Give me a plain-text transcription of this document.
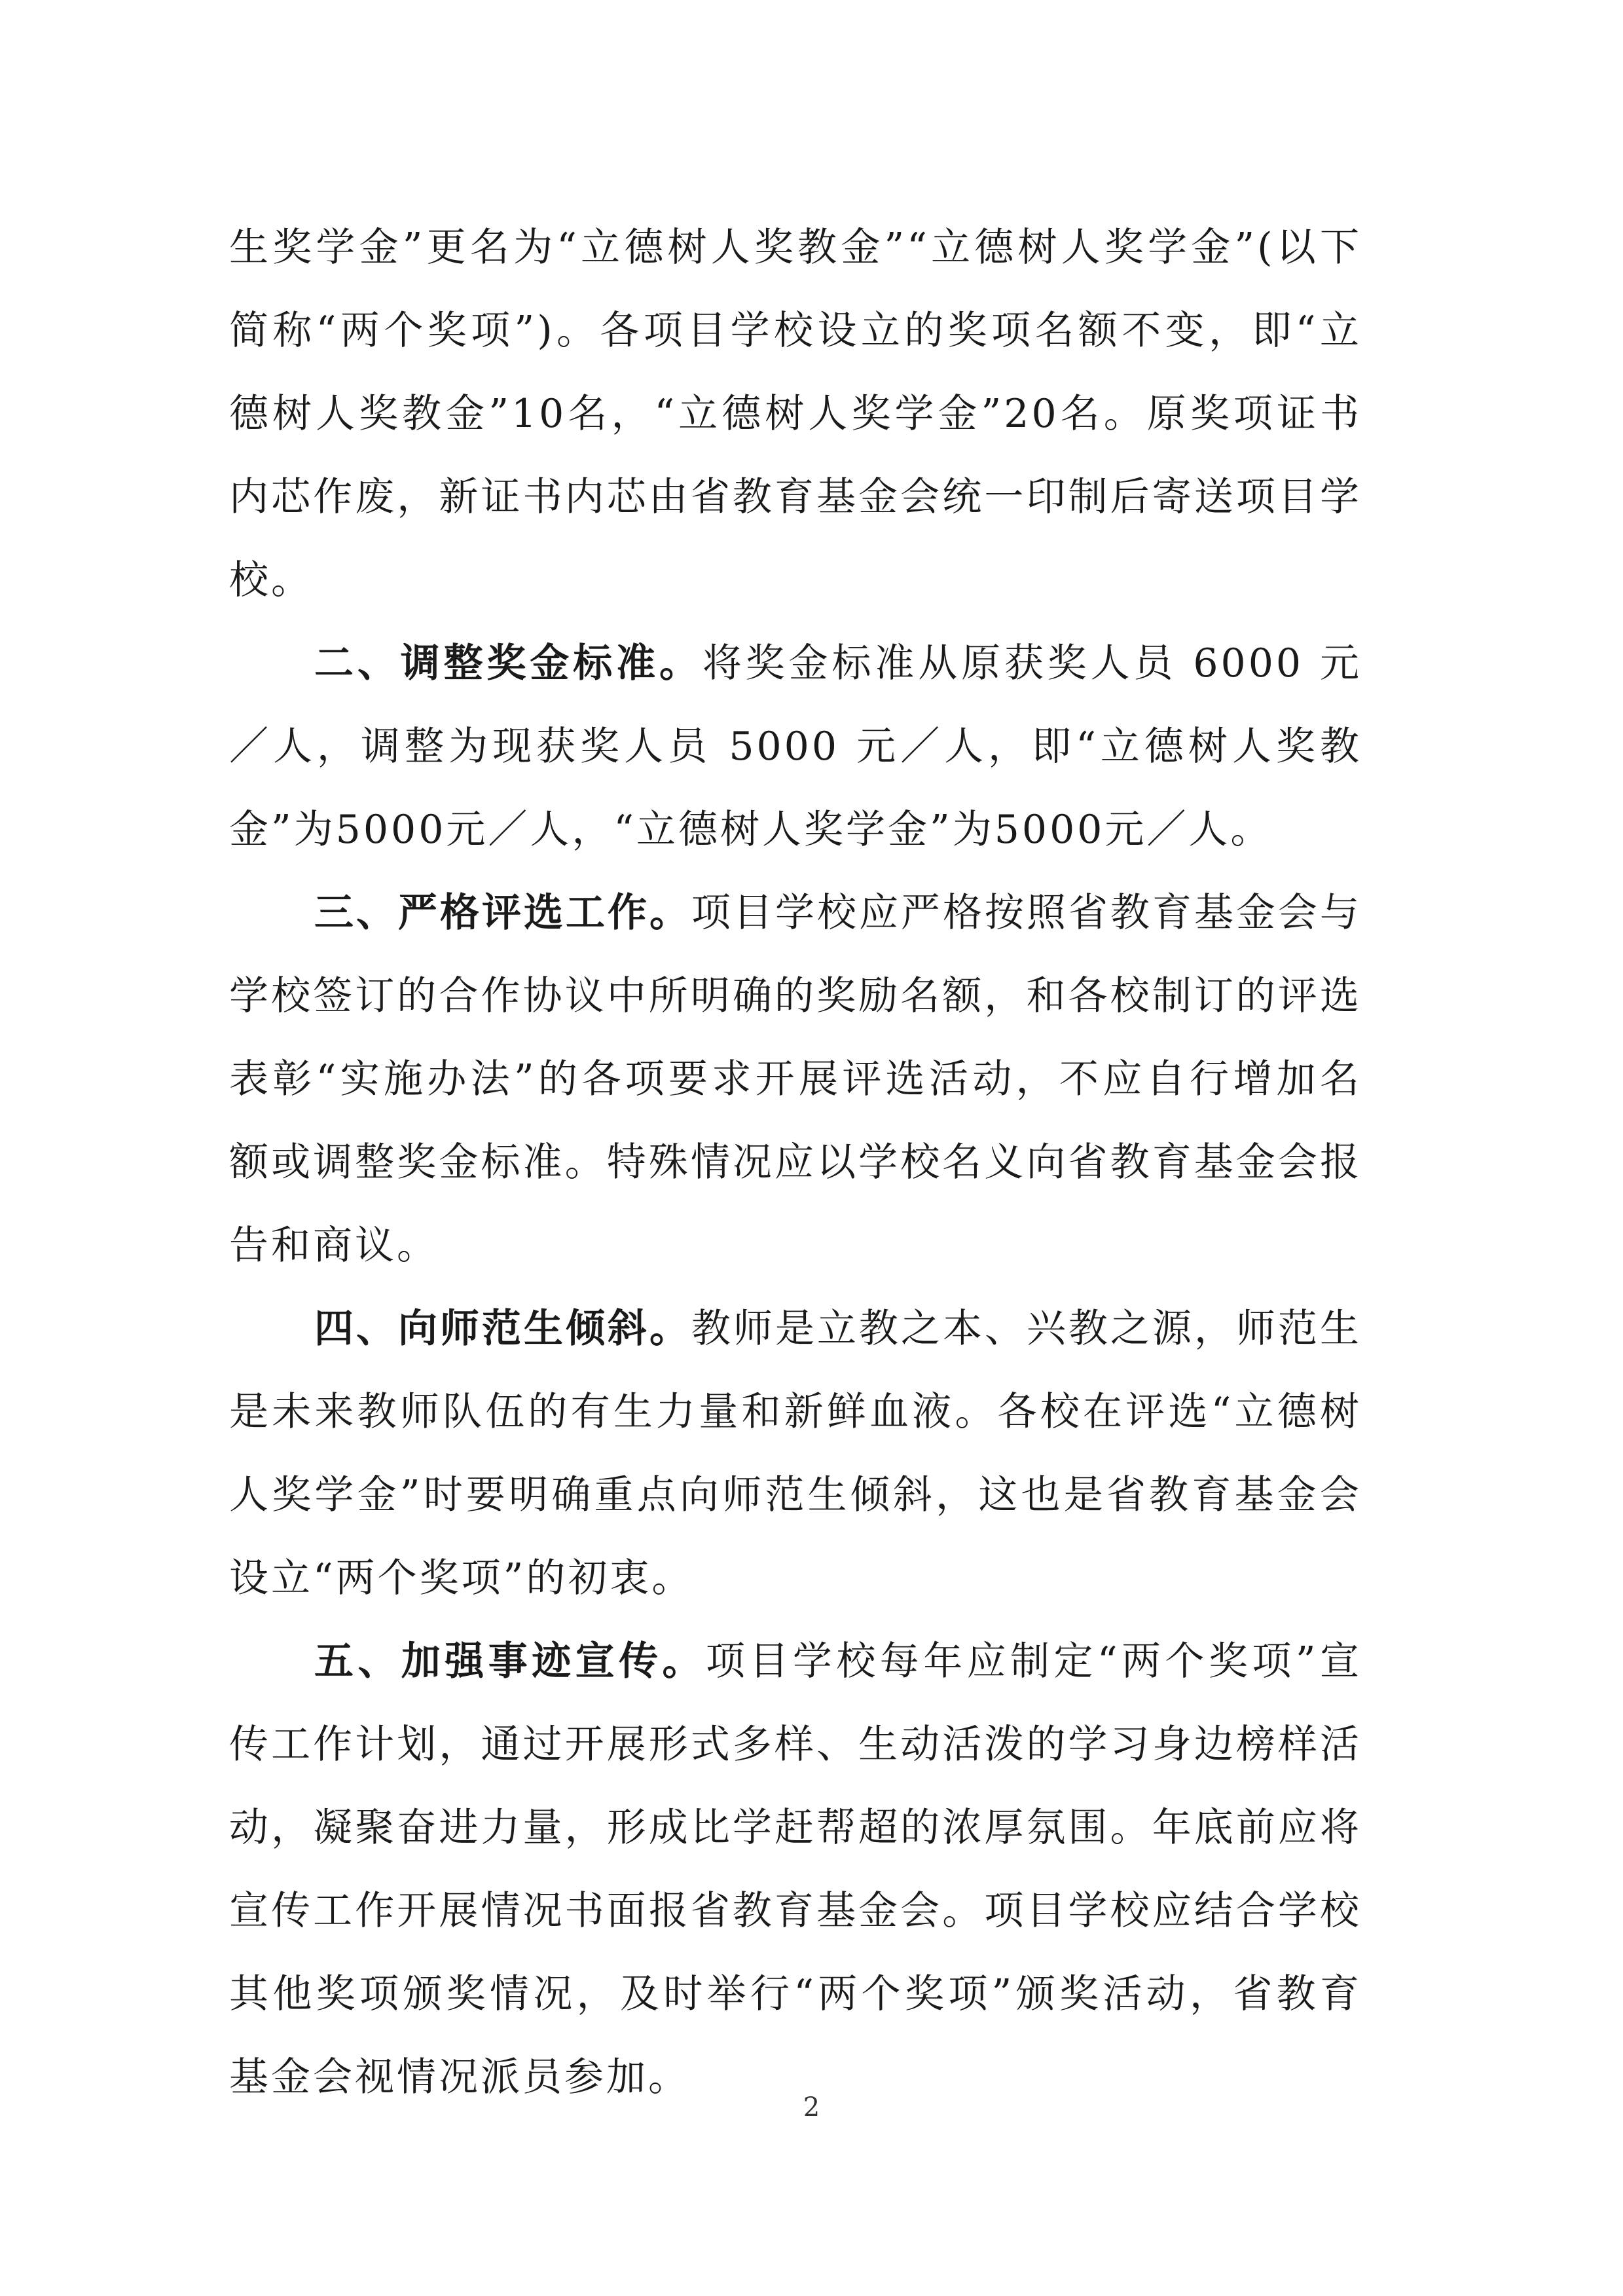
生奖学金”更名为“立德树人奖教金”“立德树人奖学金”(以下简称“两个奖项”)。各项目学校设立的奖项名额不变，即“立德树人奖教金”10名，“立德树人奖学金”20名。原奖项证书内芯作废，新证书内芯由省教育基金会统一印制后寄送项目学校。

二、调整奖金标准。将奖金标准从原获奖人员 6000 元／人，调整为现获奖人员 5000 元／人，即“立德树人奖教金”为5000元／人，“立德树人奖学金”为5000元／人。

三、严格评选工作。项目学校应严格按照省教育基金会与学校签订的合作协议中所明确的奖励名额，和各校制订的评选表彰“实施办法”的各项要求开展评选活动，不应自行增加名额或调整奖金标准。特殊情况应以学校名义向省教育基金会报告和商议。

四、向师范生倾斜。教师是立教之本、兴教之源，师范生是未来教师队伍的有生力量和新鲜血液。各校在评选“立德树人奖学金”时要明确重点向师范生倾斜，这也是省教育基金会设立“两个奖项”的初衷。

五、加强事迹宣传。项目学校每年应制定“两个奖项”宣传工作计划，通过开展形式多样、生动活泼的学习身边榜样活动，凝聚奋进力量，形成比学赶帮超的浓厚氛围。年底前应将宣传工作开展情况书面报省教育基金会。项目学校应结合学校其他奖项颁奖情况，及时举行“两个奖项”颁奖活动，省教育基金会视情况派员参加。

2
